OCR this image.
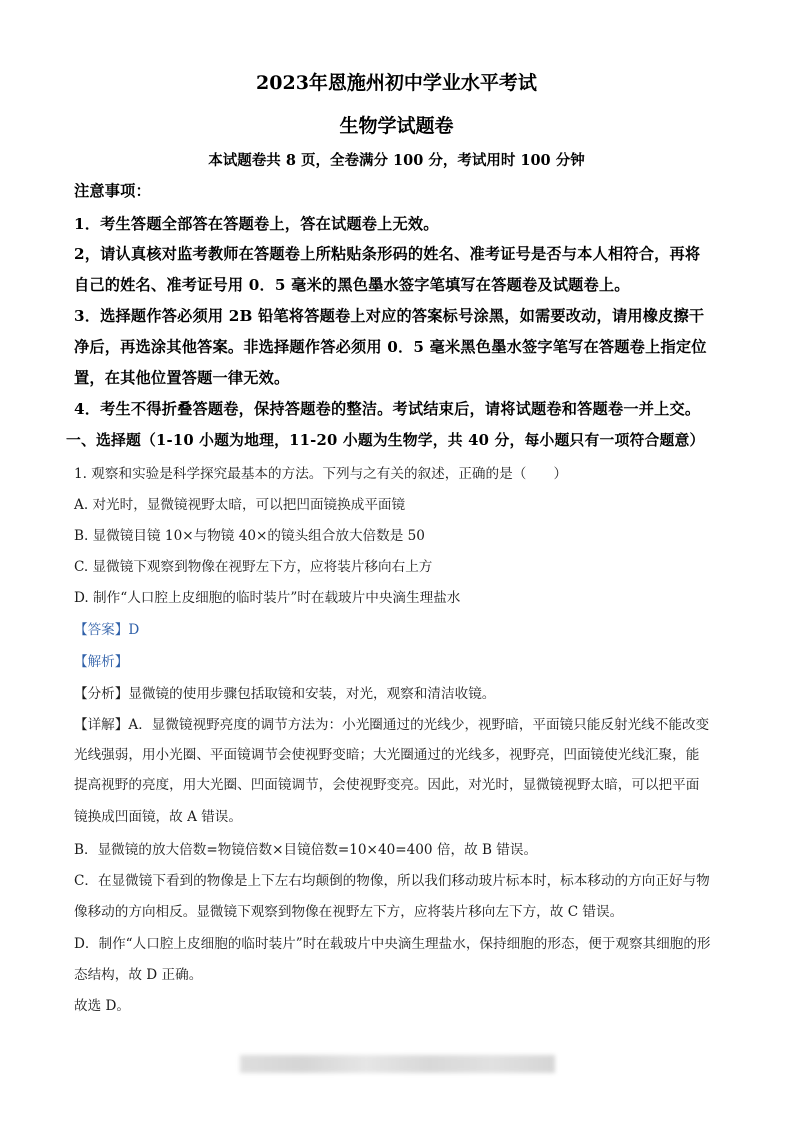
2023年恩施州初中学业水平考试
生物学试题卷
本试题卷共 8 页，全卷满分 100 分，考试用时 100 分钟
注意事项：
1．考生答题全部答在答题卷上，答在试题卷上无效。
2，请认真核对监考教师在答题卷上所粘贴条形码的姓名、准考证号是否与本人相符合，再将
自己的姓名、准考证号用 0．5 毫米的黑色墨水签字笔填写在答题卷及试题卷上。
3．选择题作答必须用 2B 铅笔将答题卷上对应的答案标号涂黑，如需要改动，请用橡皮擦干
净后，再选涂其他答案。非选择题作答必须用 0．5 毫米黑色墨水签字笔写在答题卷上指定位
置，在其他位置答题一律无效。
4．考生不得折叠答题卷，保持答题卷的整洁。考试结束后，请将试题卷和答题卷一并上交。
一、选择题（1-10 小题为地理，11-20 小题为生物学，共 40 分，每小题只有一项符合题意）
1. 观察和实验是科学探究最基本的方法。下列与之有关的叙述，正确的是（　　）
A. 对光时，显微镜视野太暗，可以把凹面镜换成平面镜
B. 显微镜目镜 10×与物镜 40×的镜头组合放大倍数是 50
C. 显微镜下观察到物像在视野左下方，应将装片移向右上方
D. 制作“人口腔上皮细胞的临时装片”时在载玻片中央滴生理盐水
【答案】D
【解析】
【分析】显微镜的使用步骤包括取镜和安装，对光，观察和清洁收镜。
【详解】A．显微镜视野亮度的调节方法为：小光圈通过的光线少，视野暗，平面镜只能反射光线不能改变
光线强弱，用小光圈、平面镜调节会使视野变暗；大光圈通过的光线多，视野亮，凹面镜使光线汇聚，能
提高视野的亮度，用大光圈、凹面镜调节，会使视野变亮。因此，对光时，显微镜视野太暗，可以把平面
镜换成凹面镜，故 A 错误。
B．显微镜的放大倍数=物镜倍数×目镜倍数=10×40=400 倍，故 B 错误。
C．在显微镜下看到的物像是上下左右均颠倒的物像，所以我们移动玻片标本时，标本移动的方向正好与物
像移动的方向相反。显微镜下观察到物像在视野左下方，应将装片移向左下方，故 C 错误。
D．制作“人口腔上皮细胞的临时装片”时在载玻片中央滴生理盐水，保持细胞的形态，便于观察其细胞的形
态结构，故 D 正确。
故选 D。
